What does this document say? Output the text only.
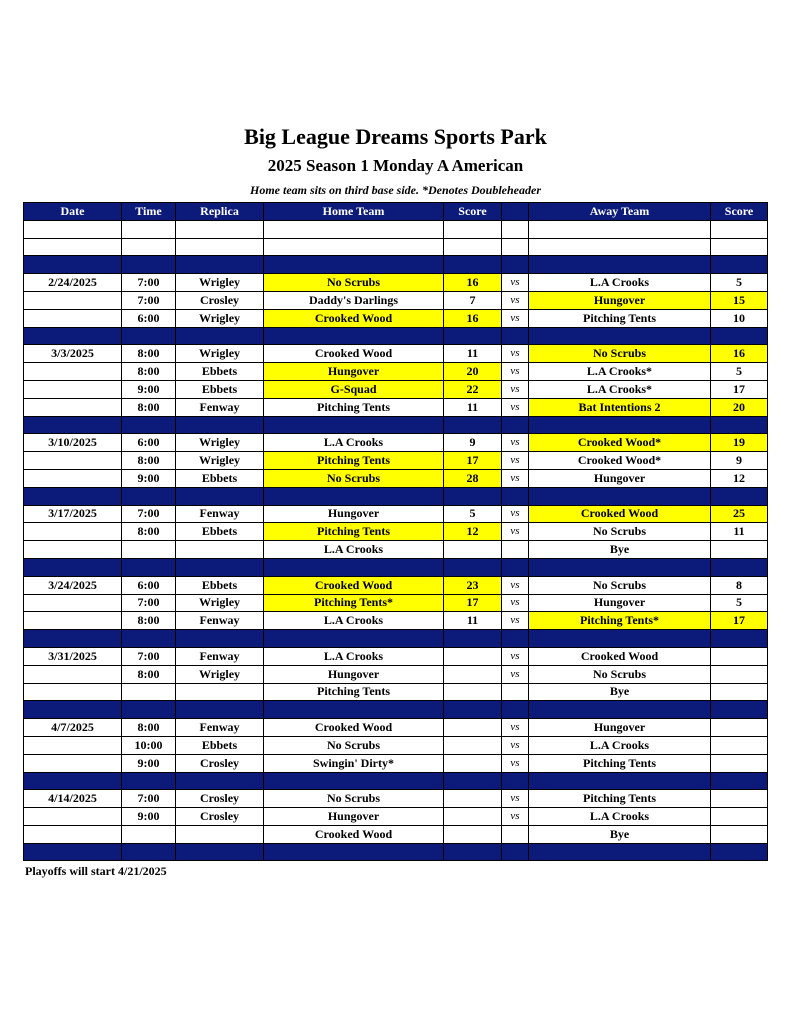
Big League Dreams Sports Park
2025 Season 1 Monday A American
Home team sits on third base side. *Denotes Doubleheader
Date	Time	Replica	Home Team	Score		Away Team	Score

2/24/2025	7:00	Wrigley	No Scrubs	16	vs	L.A Crooks	5
	7:00	Crosley	Daddy's Darlings	7	vs	Hungover	15
	6:00	Wrigley	Crooked Wood	16	vs	Pitching Tents	10

3/3/2025	8:00	Wrigley	Crooked Wood	11	vs	No Scrubs	16
	8:00	Ebbets	Hungover	20	vs	L.A Crooks*	5
	9:00	Ebbets	G-Squad	22	vs	L.A Crooks*	17
	8:00	Fenway	Pitching Tents	11	vs	Bat Intentions 2	20

3/10/2025	6:00	Wrigley	L.A Crooks	9	vs	Crooked Wood*	19
	8:00	Wrigley	Pitching Tents	17	vs	Crooked Wood*	9
	9:00	Ebbets	No Scrubs	28	vs	Hungover	12

3/17/2025	7:00	Fenway	Hungover	5	vs	Crooked Wood	25
	8:00	Ebbets	Pitching Tents	12	vs	No Scrubs	11
			L.A Crooks			Bye	

3/24/2025	6:00	Ebbets	Crooked Wood	23	vs	No Scrubs	8
	7:00	Wrigley	Pitching Tents*	17	vs	Hungover	5
	8:00	Fenway	L.A Crooks	11	vs	Pitching Tents*	17

3/31/2025	7:00	Fenway	L.A Crooks		vs	Crooked Wood	
	8:00	Wrigley	Hungover		vs	No Scrubs	
			Pitching Tents			Bye	

4/7/2025	8:00	Fenway	Crooked Wood		vs	Hungover	
	10:00	Ebbets	No Scrubs		vs	L.A Crooks	
	9:00	Crosley	Swingin' Dirty*		vs	Pitching Tents	

4/14/2025	7:00	Crosley	No Scrubs		vs	Pitching Tents	
	9:00	Crosley	Hungover		vs	L.A Crooks	
			Crooked Wood			Bye	

Playoffs will start 4/21/2025
